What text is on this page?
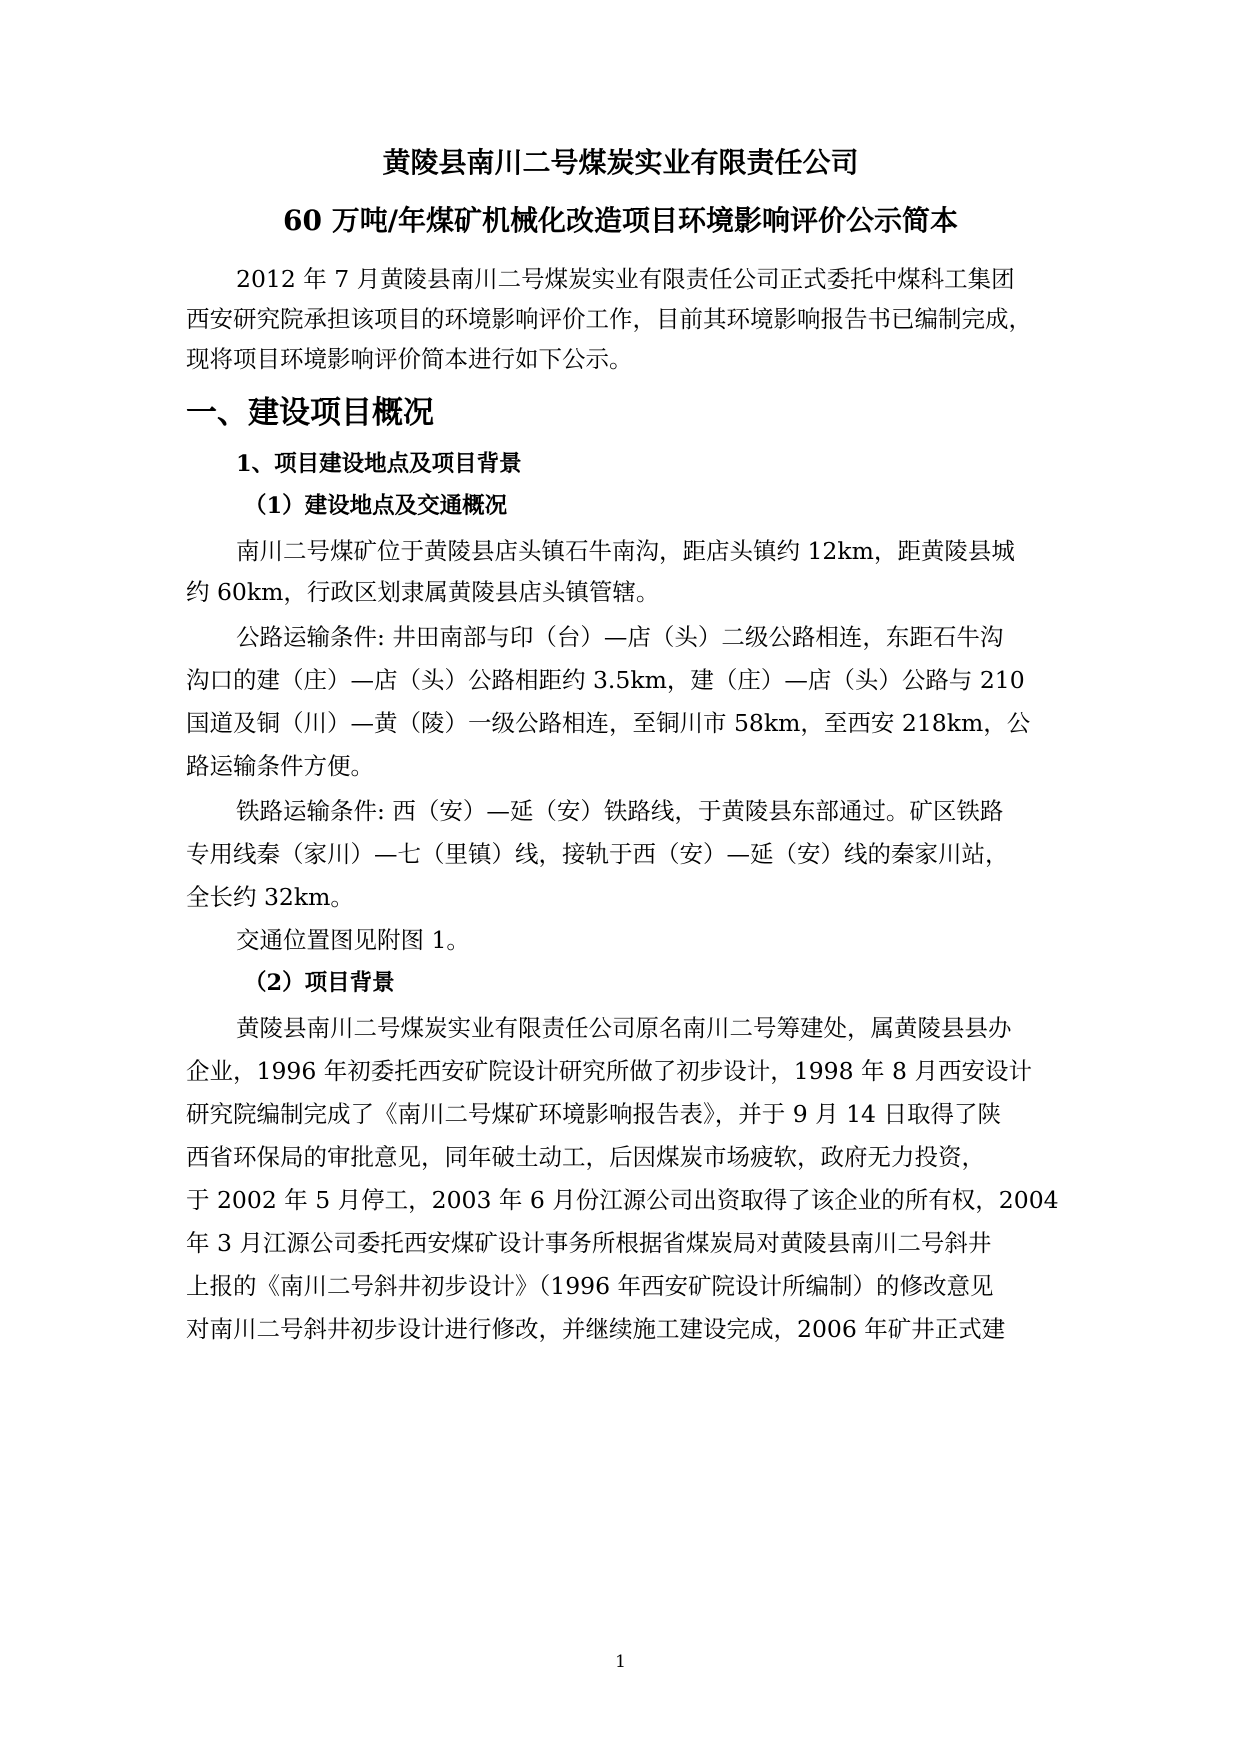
黄陵县南川二号煤炭实业有限责任公司
60 万吨/年煤矿机械化改造项目环境影响评价公示简本
2012 年 7 月黄陵县南川二号煤炭实业有限责任公司正式委托中煤科工集团
西安研究院承担该项目的环境影响评价工作，目前其环境影响报告书已编制完成，
现将项目环境影响评价简本进行如下公示。
一、建设项目概况
1、项目建设地点及项目背景
（1）建设地点及交通概况
南川二号煤矿位于黄陵县店头镇石牛南沟，距店头镇约 12km，距黄陵县城
约 60km，行政区划隶属黄陵县店头镇管辖。
公路运输条件: 井田南部与印（台）—店（头）二级公路相连，东距石牛沟
沟口的建（庄）—店（头）公路相距约 3.5km，建（庄）—店（头）公路与 210
国道及铜（川）—黄（陵）一级公路相连，至铜川市 58km，至西安 218km，公
路运输条件方便。
铁路运输条件: 西（安）—延（安）铁路线，于黄陵县东部通过。矿区铁路
专用线秦（家川）—七（里镇）线，接轨于西（安）—延（安）线的秦家川站，
全长约 32km。
交通位置图见附图 1。
（2）项目背景
黄陵县南川二号煤炭实业有限责任公司原名南川二号筹建处，属黄陵县县办
企业，1996 年初委托西安矿院设计研究所做了初步设计，1998 年 8 月西安设计
研究院编制完成了《南川二号煤矿环境影响报告表》，并于 9 月 14 日取得了陕
西省环保局的审批意见，同年破土动工，后因煤炭市场疲软，政府无力投资，
于 2002 年 5 月停工，2003 年 6 月份江源公司出资取得了该企业的所有权，2004
年 3 月江源公司委托西安煤矿设计事务所根据省煤炭局对黄陵县南川二号斜井
上报的《南川二号斜井初步设计》（1996 年西安矿院设计所编制）的修改意见
对南川二号斜井初步设计进行修改，并继续施工建设完成，2006 年矿井正式建
1
